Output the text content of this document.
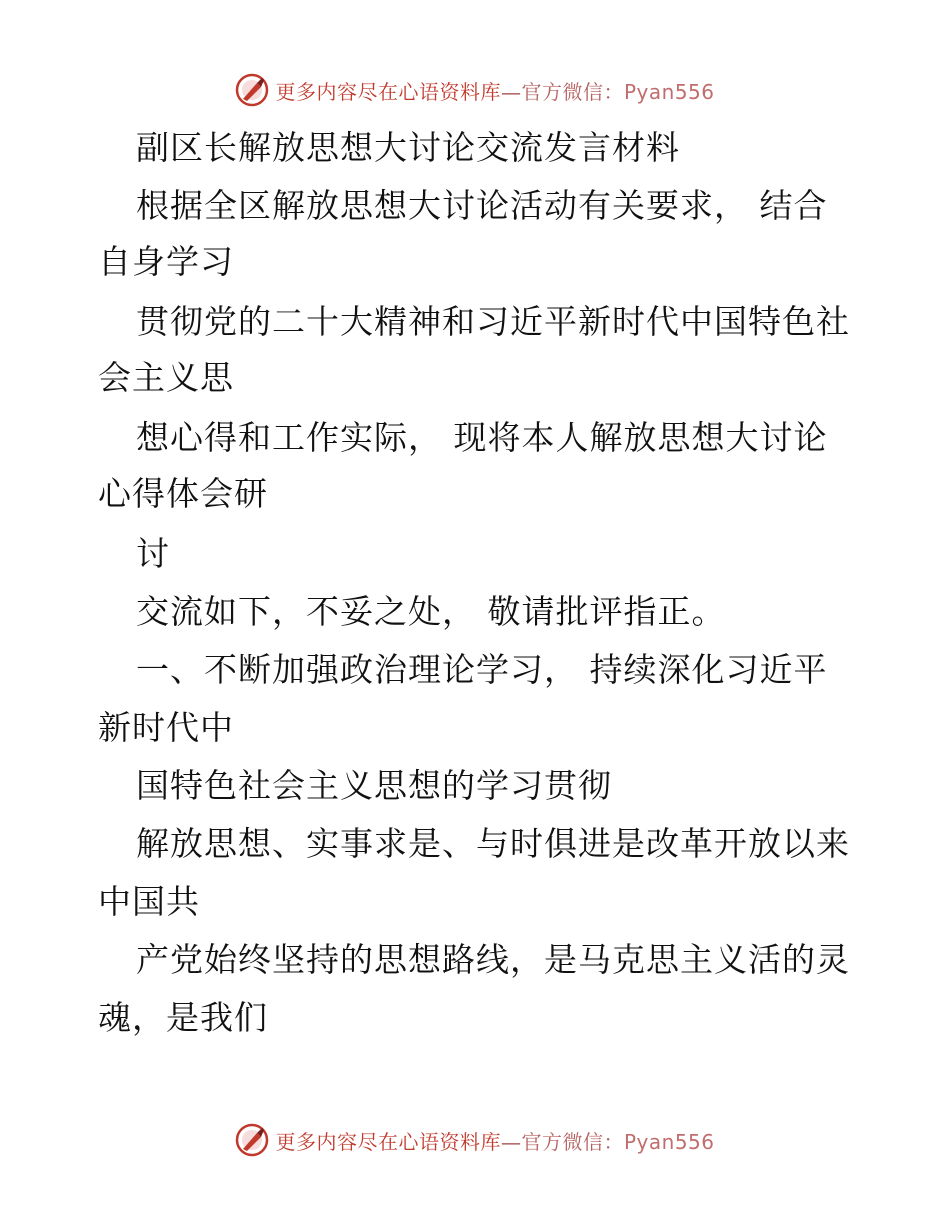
更多内容尽在心语资料库—官方微信：Pyan556
副区长解放思想大讨论交流发言材料
根据全区解放思想大讨论活动有关要求， 结合
自身学习
贯彻党的二十大精神和习近平新时代中国特色社
会主义思
想心得和工作实际， 现将本人解放思想大讨论
心得体会研
讨
交流如下，不妥之处， 敬请批评指正。
一、不断加强政治理论学习， 持续深化习近平
新时代中
国特色社会主义思想的学习贯彻
解放思想、实事求是、与时俱进是改革开放以来
中国共
产党始终坚持的思想路线，是马克思主义活的灵
魂，是我们
更多内容尽在心语资料库—官方微信：Pyan556
